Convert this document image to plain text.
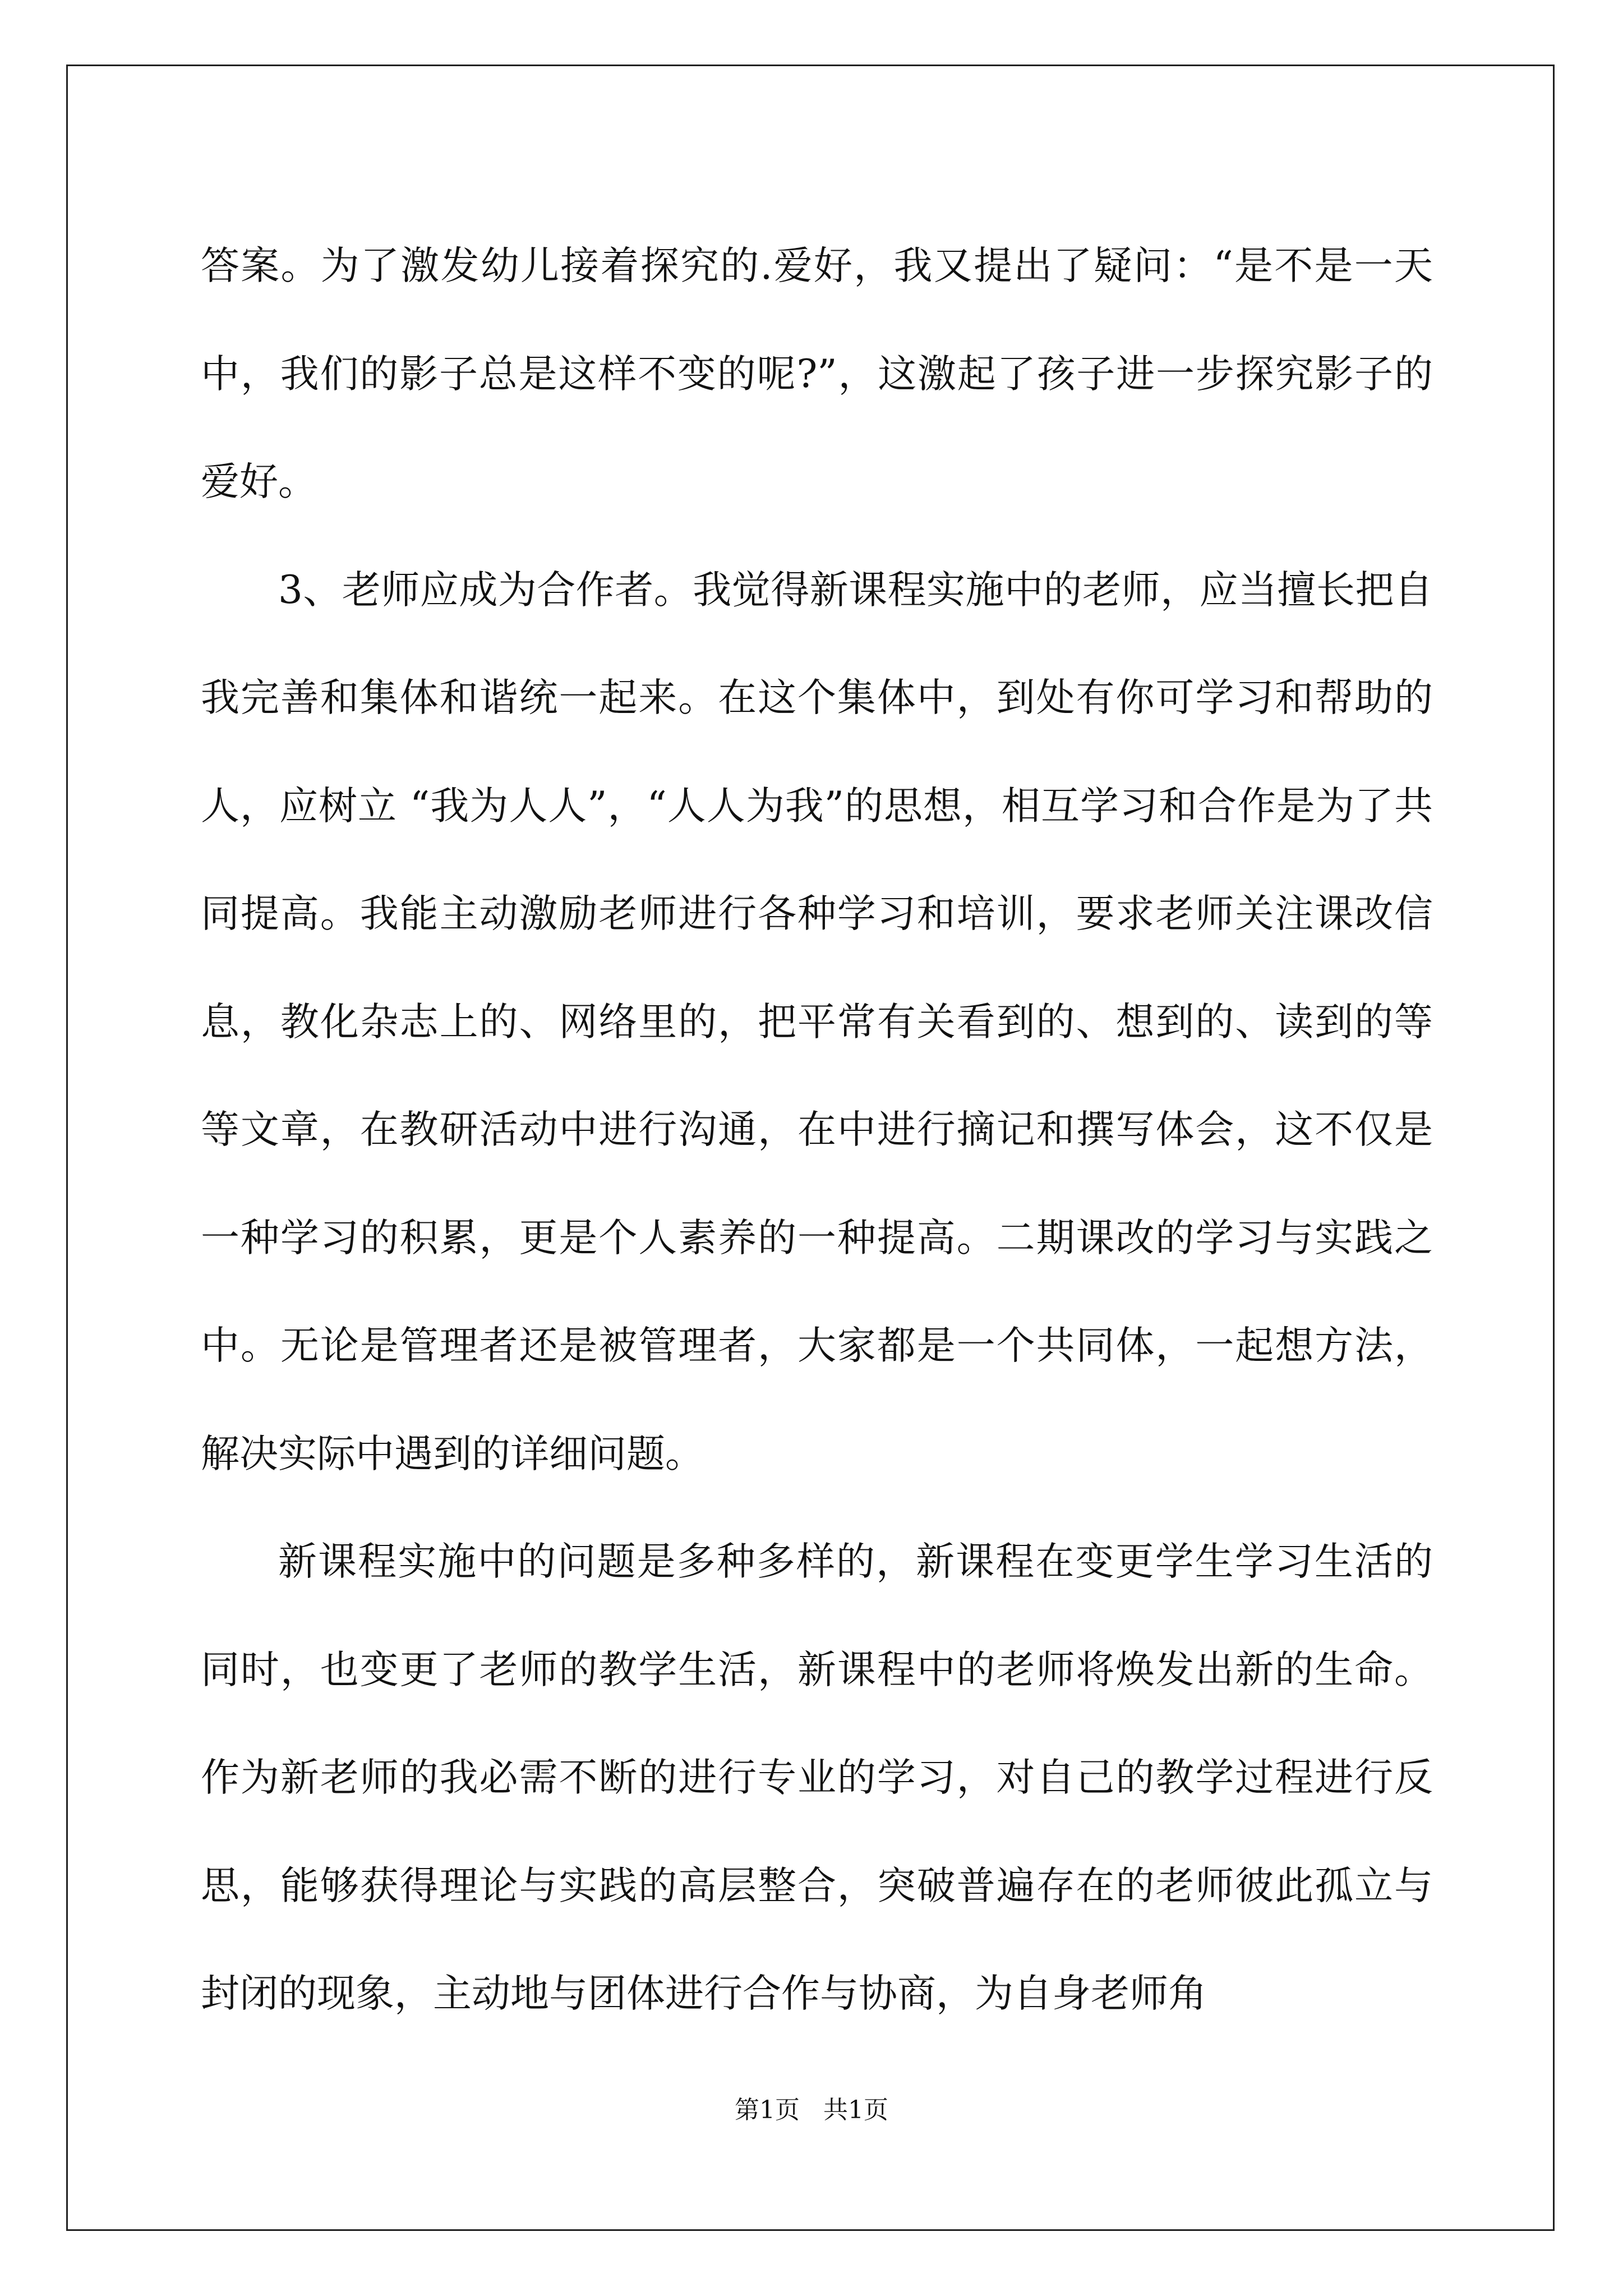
答案。为了激发幼儿接着探究的.爱好，我又提出了疑问：“是不是一天中，我们的影子总是这样不变的呢?”，这激起了孩子进一步探究影子的爱好。

3、老师应成为合作者。我觉得新课程实施中的老师，应当擅长把自我完善和集体和谐统一起来。在这个集体中，到处有你可学习和帮助的人，应树立 “我为人人”，“人人为我”的思想，相互学习和合作是为了共同提高。我能主动激励老师进行各种学习和培训，要求老师关注课改信息，教化杂志上的、网络里的，把平常有关看到的、想到的、读到的等等文章，在教研活动中进行沟通，在中进行摘记和撰写体会，这不仅是一种学习的积累，更是个人素养的一种提高。二期课改的学习与实践之中。无论是管理者还是被管理者，大家都是一个共同体，一起想方法，解决实际中遇到的详细问题。

新课程实施中的问题是多种多样的，新课程在变更学生学习生活的同时，也变更了老师的教学生活，新课程中的老师将焕发出新的生命。作为新老师的我必需不断的进行专业的学习，对自己的教学过程进行反思，能够获得理论与实践的高层整合，突破普遍存在的老师彼此孤立与封闭的现象，主动地与团体进行合作与协商，为自身老师角

第1页   共1页
